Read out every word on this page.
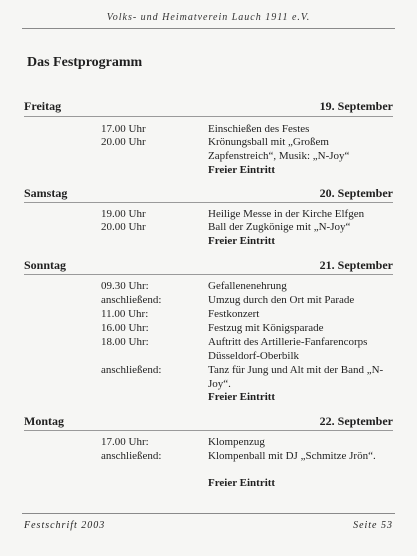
Volks- und Heimatverein Lauch 1911 e.V.
Das Festprogramm
Freitag	19. September
17.00 Uhr	Einschießen des Festes
20.00 Uhr	Krönungsball mit „Großem Zapfenstreich“, Musik: „N-Joy“
Freier Eintritt
Samstag	20. September
19.00 Uhr	Heilige Messe in der Kirche Elfgen
20.00 Uhr	Ball der Zugkönige mit „N-Joy“
Freier Eintritt
Sonntag	21. September
09.30 Uhr:	Gefallenenehrung
anschließend:	Umzug durch den Ort mit Parade
11.00 Uhr:	Festkonzert
16.00 Uhr:	Festzug mit Königsparade
18.00 Uhr:	Auftritt des Artillerie-Fanfarencorps Düsseldorf-Oberbilk
anschließend:	Tanz für Jung und Alt mit der Band „N-Joy“.
Freier Eintritt
Montag	22. September
17.00 Uhr:	Klompenzug
anschließend:	Klompenball mit DJ „Schmitze Jrön“.
Freier Eintritt
Festschrift 2003	Seite 53
